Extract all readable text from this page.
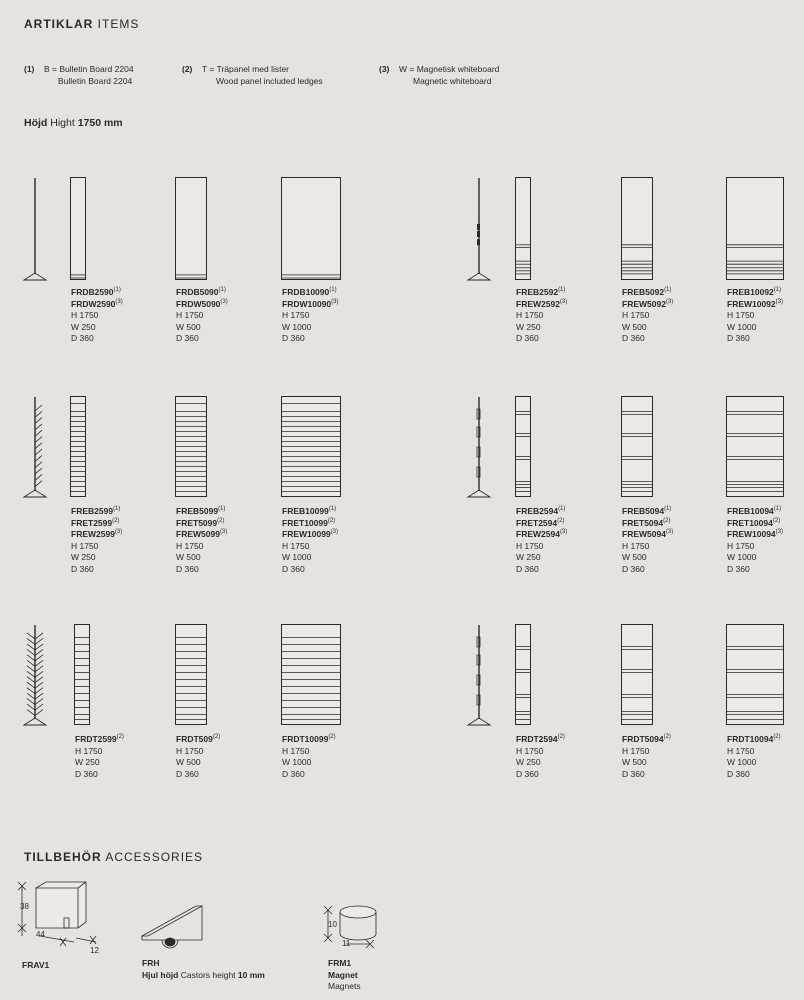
ARTIKLAR ITEMS
(1) B = Bulletin Board 2204
Bulletin Board 2204
(2) T = Träpanel med lister
Wood panel included ledges
(3) W = Magnetisk whiteboard
Magnetic whiteboard
Höjd Hight 1750 mm
FRDB2590$^{(1)}$
FRDW2590$^{(3)}$
H 1750
W 250
D 360
FRDB5090$^{(1)}$
FRDW5090$^{(3)}$
H 1750
W 500
D 360
FRDB10090$^{(1)}$
FRDW10090$^{(3)}$
H 1750
W 1000
D 360
FREB2592$^{(1)}$
FREW2592$^{(3)}$
H 1750
W 250
D 360
FREB5092$^{(1)}$
FREW5092$^{(3)}$
H 1750
W 500
D 360
FREB10092$^{(1)}$
FREW10092$^{(3)}$
H 1750
W 1000
D 360
FREB2599$^{(1)}$
FRET2599$^{(2)}$
FREW2599$^{(3)}$
H 1750
W 250
D 360
FREB5099$^{(1)}$
FRET5099$^{(2)}$
FREW5099$^{(3)}$
H 1750
W 500
D 360
FREB10099$^{(1)}$
FRET10099$^{(2)}$
FREW10099$^{(3)}$
H 1750
W 1000
D 360
FREB2594$^{(1)}$
FRET2594$^{(2)}$
FREW2594$^{(3)}$
H 1750
W 250
D 360
FREB5094$^{(1)}$
FRET5094$^{(2)}$
FREW5094$^{(3)}$
H 1750
W 500
D 360
FREB10094$^{(1)}$
FRET10094$^{(2)}$
FREW10094$^{(3)}$
H 1750
W 1000
D 360
FRDT2599$^{(2)}$
H 1750
W 250
D 360
FRDT509$^{(2)}$
H 1750
W 500
D 360
FRDT10099$^{(2)}$
H 1750
W 1000
D 360
FRDT2594$^{(2)}$
H 1750
W 250
D 360
FRDT5094$^{(2)}$
H 1750
W 500
D 360
FRDT10094$^{(2)}$
H 1750
W 1000
D 360
TILLBEHÖR ACCESSORIES
38
44
12
FRAV1	FRH
Hjul höjd Castors height 10 mm
10
11
FRM1
Magnet
Magnets
